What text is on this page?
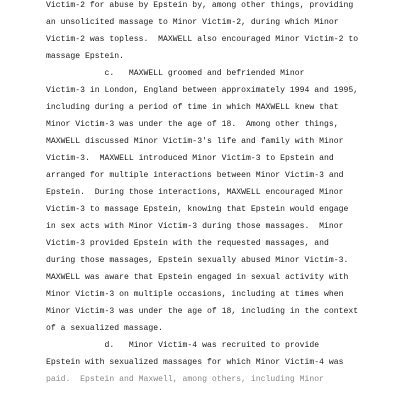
Victim-2 for abuse by Epstein by, among other things, providing
an unsolicited massage to Minor Victim-2, during which Minor
Victim-2 was topless.  MAXWELL also encouraged Minor Victim-2 to
massage Epstein.
c.   MAXWELL groomed and befriended Minor
Victim-3 in London, England between approximately 1994 and 1995,
including during a period of time in which MAXWELL knew that
Minor Victim-3 was under the age of 18.  Among other things,
MAXWELL discussed Minor Victim-3's life and family with Minor
Victim-3.  MAXWELL introduced Minor Victim-3 to Epstein and
arranged for multiple interactions between Minor Victim-3 and
Epstein.  During those interactions, MAXWELL encouraged Minor
Victim-3 to massage Epstein, knowing that Epstein would engage
in sex acts with Minor Victim-3 during those massages.  Minor
Victim-3 provided Epstein with the requested massages, and
during those massages, Epstein sexually abused Minor Victim-3.
MAXWELL was aware that Epstein engaged in sexual activity with
Minor Victim-3 on multiple occasions, including at times when
Minor Victim-3 was under the age of 18, including in the context
of a sexualized massage.
d.   Minor Victim-4 was recruited to provide
Epstein with sexualized massages for which Minor Victim-4 was
paid.  Epstein and Maxwell, among others, including Minor
